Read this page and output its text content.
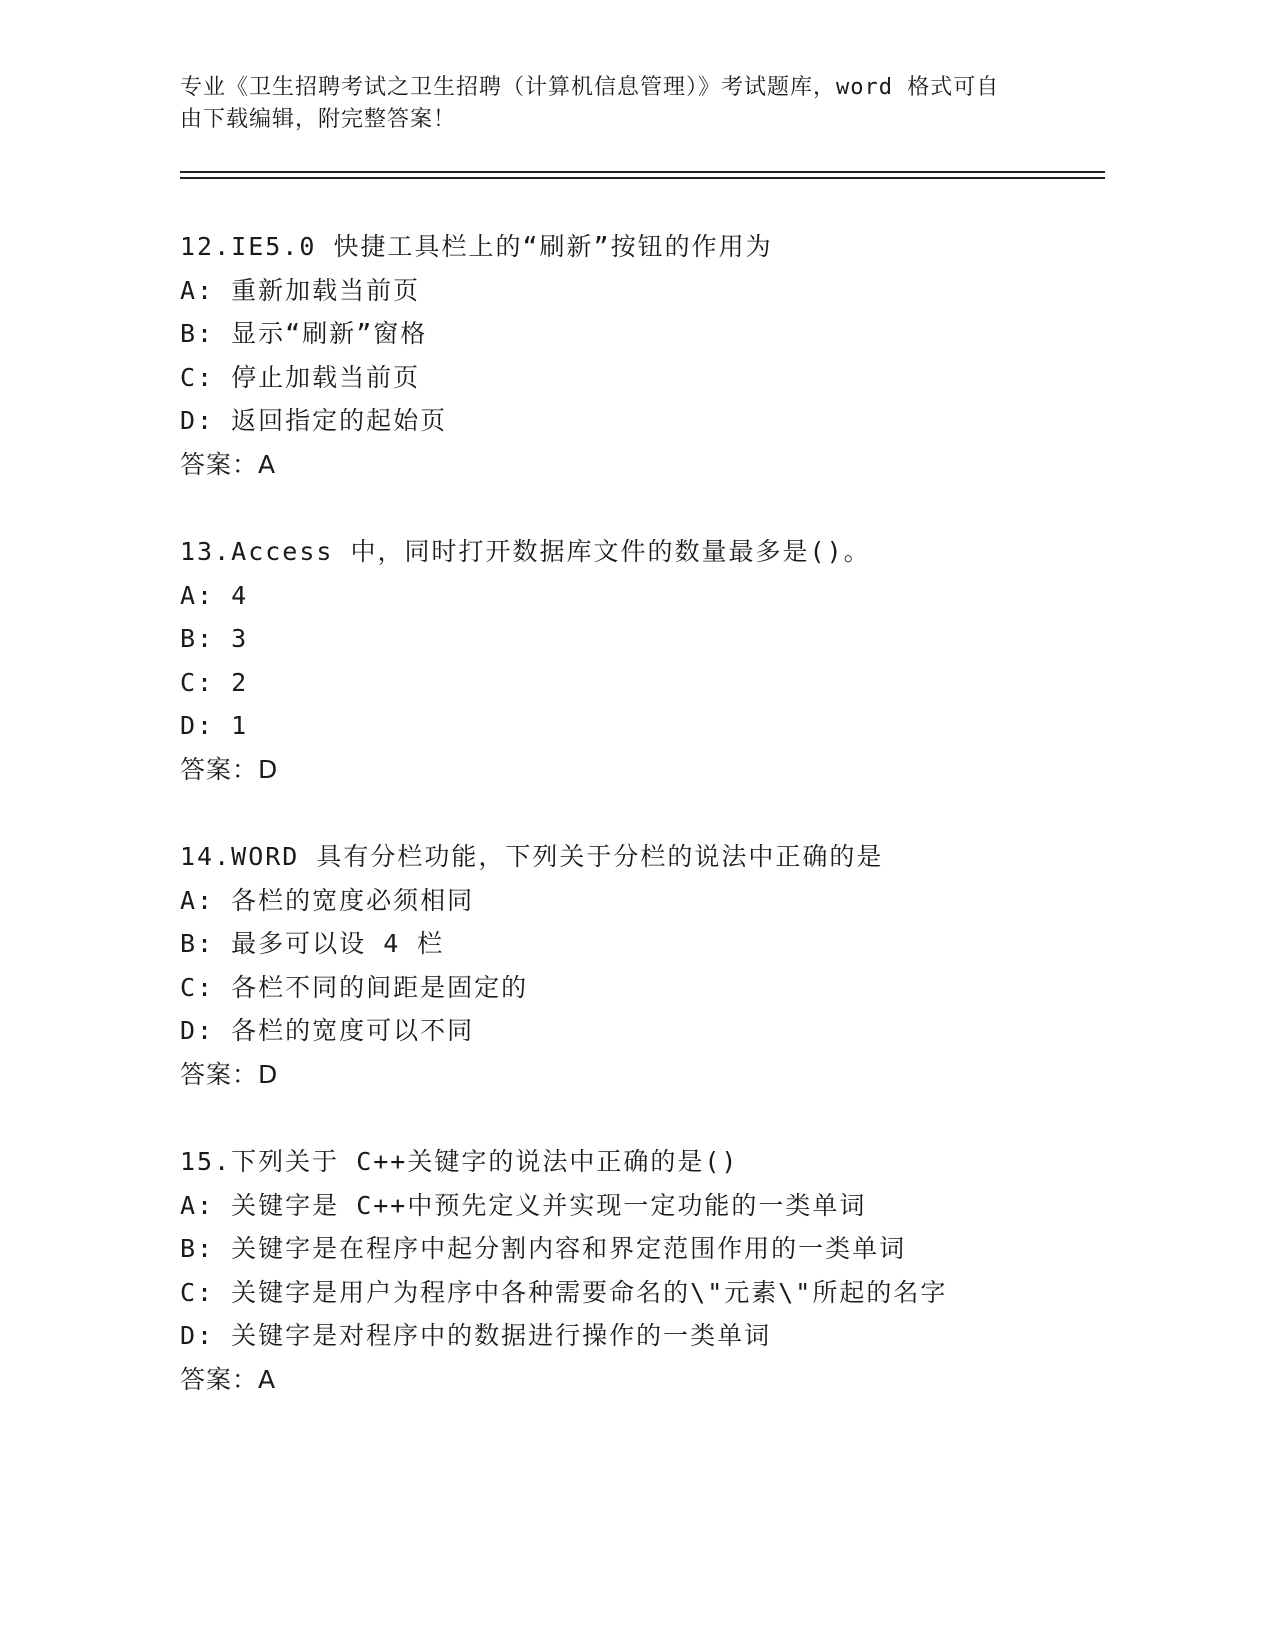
专业《卫生招聘考试之卫生招聘（计算机信息管理）》考试题库，word 格式可自
由下载编辑，附完整答案！
12.IE5.0 快捷工具栏上的“刷新”按钮的作用为
A: 重新加载当前页
B: 显示“刷新”窗格
C: 停止加载当前页
D: 返回指定的起始页
答案：A
13.Access 中，同时打开数据库文件的数量最多是()。
A: 4
B: 3
C: 2
D: 1
答案：D
14.WORD 具有分栏功能，下列关于分栏的说法中正确的是
A: 各栏的宽度必须相同
B: 最多可以设 4 栏
C: 各栏不同的间距是固定的
D: 各栏的宽度可以不同
答案：D
15.下列关于 C++关键字的说法中正确的是()
A: 关键字是 C++中预先定义并实现一定功能的一类单词
B: 关键字是在程序中起分割内容和界定范围作用的一类单词
C: 关键字是用户为程序中各种需要命名的\"元素\"所起的名字
D: 关键字是对程序中的数据进行操作的一类单词
答案：A
